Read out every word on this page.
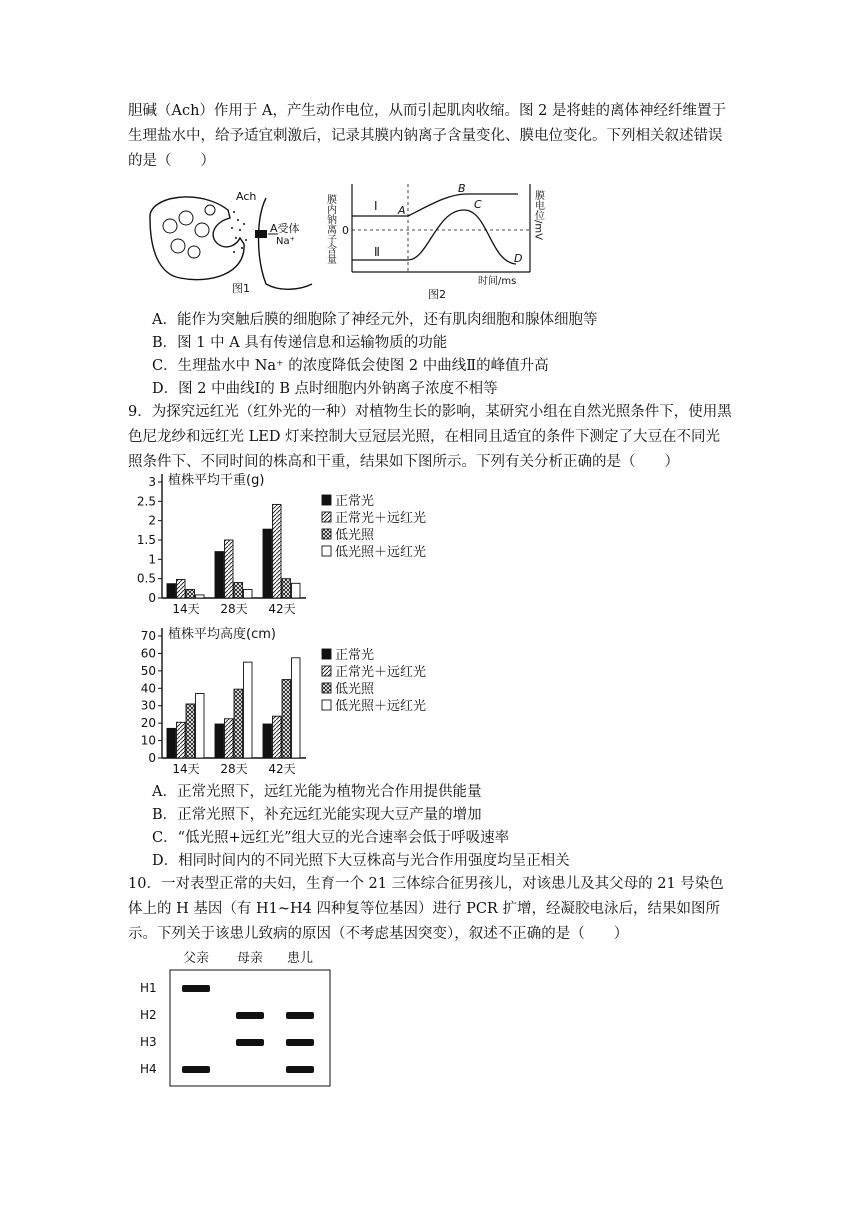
胆碱（Ach）作用于 A，产生动作电位，从而引起肌肉收缩。图 2 是将蛙的离体神经纤维置于生理盐水中，给予适宜刺激后，记录其膜内钠离子含量变化、膜电位变化。下列相关叙述错误的是（　　）

Ach
A受体
Na⁺
图1
膜内钠离子含量	膜电位/mV
0
Ⅰ
Ⅱ
A
B
C
D
时间/ms
图2
A．能作为突触后膜的细胞除了神经元外，还有肌肉细胞和腺体细胞等
B．图 1 中 A 具有传递信息和运输物质的功能
C．生理盐水中 Na⁺ 的浓度降低会使图 2 中曲线Ⅱ的峰值升高
D．图 2 中曲线Ⅰ的 B 点时细胞内外钠离子浓度不相等

9．为探究远红光（红外光的一种）对植物生长的影响，某研究小组在自然光照条件下，使用黑色尼龙纱和远红光 LED 灯来控制大豆冠层光照，在相同且适宜的条件下测定了大豆在不同光照条件下、不同时间的株高和干重，结果如下图所示。下列有关分析正确的是（　　）

植株平均干重(g)
0
0.5
1
1.5
2
2.5
3
14天 28天 42天
正常光
正常光＋远红光
低光照
低光照＋远红光
植株平均高度(cm)
0
10
20
30
40
50
60
70
14天 28天 42天
正常光
正常光＋远红光
低光照
低光照＋远红光
A．正常光照下，远红光能为植物光合作用提供能量
B．正常光照下，补充远红光能实现大豆产量的增加
C．“低光照+远红光”组大豆的光合速率会低于呼吸速率
D．相同时间内的不同光照下大豆株高与光合作用强度均呈正相关

10．一对表型正常的夫妇，生育一个 21 三体综合征男孩儿，对该患儿及其父母的 21 号染色体上的 H 基因（有 H1~H4 四种复等位基因）进行 PCR 扩增，经凝胶电泳后，结果如图所示。下列关于该患儿致病的原因（不考虑基因突变），叙述不正确的是（　　）

父亲 母亲 患儿
H1
H2
H3
H4
